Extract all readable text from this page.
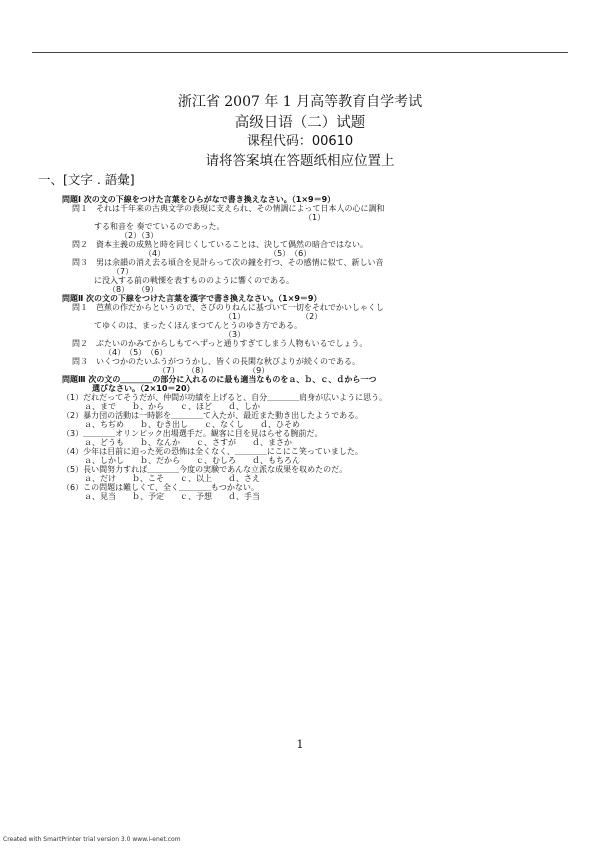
浙江省 2007 年 1 月高等教育自学考试
高级日语（二）试题
课程代码：00610
请将答案填在答题纸相应位置上
一、[文字 . 語彙]
問題Ⅰ 次の文の下線をつけた言葉をひらがなで書き換えなさい。（1×9＝9）
問１　それは千年来の古典文学の表現に支えられ、その情調によって日本人の心に調和
（1）
する和音を 奏でているのであった。
（2）（3）
問２　資本主義の成熟と時を同じくしていることは、決して偶然の暗合ではない。
（4）　　　　　　　　　　　　　　（5）　（6）
問３　男は余韻の消え去る頃合を見計らって次の鐘を打つ、その感情に似て、新しい音
（7）
に没入する前の戦慄を表すもののように響くのである。
（8）　　（9）
問題Ⅱ 次の文の下線をつけた言葉を漢字で書き換えなさい。（1×9＝9）
問１　芭蕉の作だからというので、さびのりねんに基づいて一切をそれでかいしゃくし
（1）　　　　　　　　（2）
てゆくのは、まったくほんまつてんとうのゆき方である。
（3）
問２　ぶたいのかみてからしもてへずっと通りすぎてしまう人物もいるでしょう。
（4）　（5）　（6）
問３　いくつかのたいふうがつうかし、皆くの長閑な秋びよりが続くのである。
（7）　　（8）　　　　　　（9）
問題Ⅲ 次の文の＿＿＿＿の部分に入れるのに最も適当なものをａ、ｂ、ｃ、ｄから一つ
選びなさい。（2×10＝20）
（1）だれだってそうだが、仲間が功績を上げると、自分＿＿＿＿肩身が広いように思う。
ａ、まで　　ｂ、から　　ｃ、ほど　　ｄ、しか
（2）暴力団の活動は一時影を＿＿＿＿て入たが、最近また動き出したようである。
ａ、ちぢめ　　ｂ、むき出し　　ｃ、なくし　　ｄ、ひそめ
（3）＿＿＿＿オリンピック出場選手だ。観客に目を見はらせる腕前だ。
ａ、どうも　　ｂ、なんか　　ｃ、さすが　　ｄ、まさか
（4）少年は目前に迫った死の恐怖は全くなく、＿＿＿＿にこにこ笑っていました。
ａ、しかし　　ｂ、だから　　ｃ、むしろ　　ｄ、もちろん
（5）長い間努力すれば＿＿＿＿今度の実験であんな立派な成果を収めたのだ。
ａ、だけ　　ｂ、こそ　　ｃ、以上　　ｄ、さえ
（6）この問題は難しくて、全く＿＿＿＿もつかない。
ａ、見当　　ｂ、予定　　ｃ、予想　　ｄ、手当
1
Created with SmartPrinter trial version 3.0 www.i-enet.com
